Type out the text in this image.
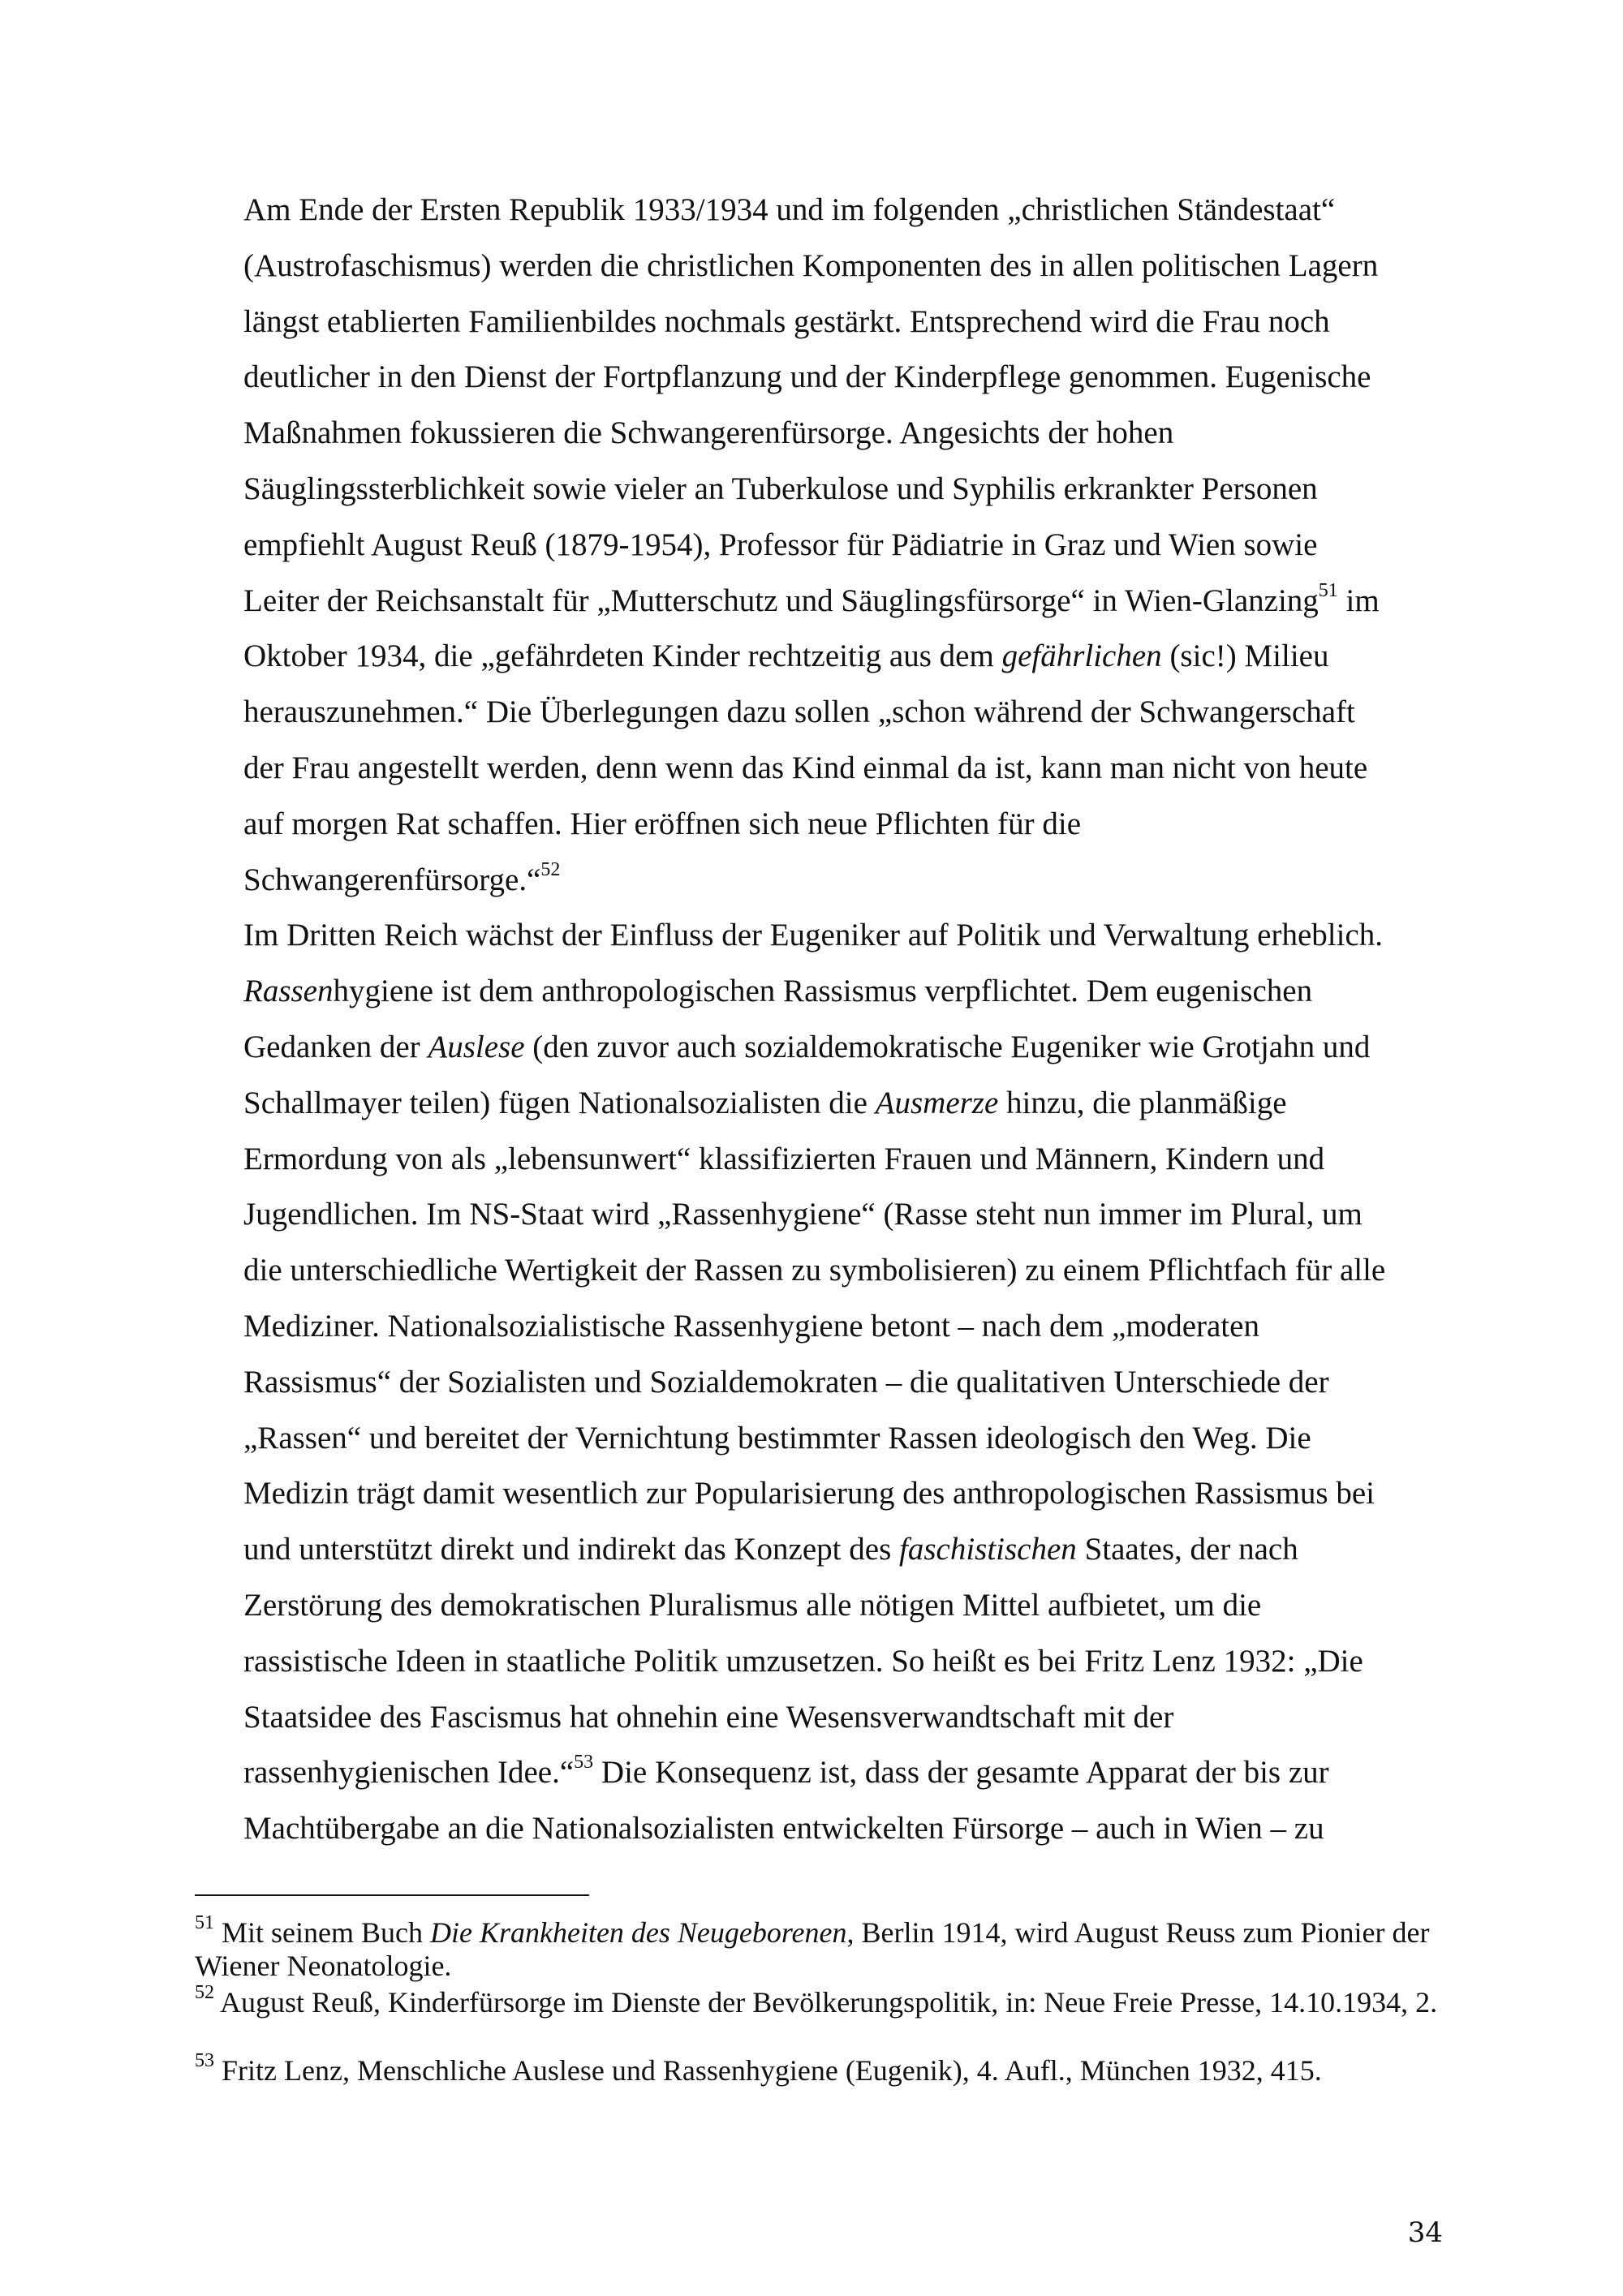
Am Ende der Ersten Republik 1933/1934 und im folgenden „christlichen Ständestaat“
(Austrofaschismus) werden die christlichen Komponenten des in allen politischen Lagern
längst etablierten Familienbildes nochmals gestärkt. Entsprechend wird die Frau noch
deutlicher in den Dienst der Fortpflanzung und der Kinderpflege genommen. Eugenische
Maßnahmen fokussieren die Schwangerenfürsorge. Angesichts der hohen
Säuglingssterblichkeit sowie vieler an Tuberkulose und Syphilis erkrankter Personen
empfiehlt August Reuß (1879-1954), Professor für Pädiatrie in Graz und Wien sowie
Leiter der Reichsanstalt für „Mutterschutz und Säuglingsfürsorge“ in Wien-Glanzing$^{51}$ im
Oktober 1934, die „gefährdeten Kinder rechtzeitig aus dem gefährlichen (sic!) Milieu
herauszunehmen.“ Die Überlegungen dazu sollen „schon während der Schwangerschaft
der Frau angestellt werden, denn wenn das Kind einmal da ist, kann man nicht von heute
auf morgen Rat schaffen. Hier eröffnen sich neue Pflichten für die
Schwangerenfürsorge.“$^{52}$
Im Dritten Reich wächst der Einfluss der Eugeniker auf Politik und Verwaltung erheblich.
Rassenhygiene ist dem anthropologischen Rassismus verpflichtet. Dem eugenischen
Gedanken der Auslese (den zuvor auch sozialdemokratische Eugeniker wie Grotjahn und
Schallmayer teilen) fügen Nationalsozialisten die Ausmerze hinzu, die planmäßige
Ermordung von als „lebensunwert“ klassifizierten Frauen und Männern, Kindern und
Jugendlichen. Im NS-Staat wird „Rassenhygiene“ (Rasse steht nun immer im Plural, um
die unterschiedliche Wertigkeit der Rassen zu symbolisieren) zu einem Pflichtfach für alle
Mediziner. Nationalsozialistische Rassenhygiene betont – nach dem „moderaten
Rassismus“ der Sozialisten und Sozialdemokraten – die qualitativen Unterschiede der
„Rassen“ und bereitet der Vernichtung bestimmter Rassen ideologisch den Weg. Die
Medizin trägt damit wesentlich zur Popularisierung des anthropologischen Rassismus bei
und unterstützt direkt und indirekt das Konzept des faschistischen Staates, der nach
Zerstörung des demokratischen Pluralismus alle nötigen Mittel aufbietet, um die
rassistische Ideen in staatliche Politik umzusetzen. So heißt es bei Fritz Lenz 1932: „Die
Staatsidee des Fascismus hat ohnehin eine Wesensverwandtschaft mit der
rassenhygienischen Idee.“$^{53}$ Die Konsequenz ist, dass der gesamte Apparat der bis zur
Machtübergabe an die Nationalsozialisten entwickelten Fürsorge – auch in Wien – zu
$^{51}$ Mit seinem Buch Die Krankheiten des Neugeborenen, Berlin 1914, wird August Reuss zum Pionier der Wiener Neonatologie.
$^{52}$ August Reuß, Kinderfürsorge im Dienste der Bevölkerungspolitik, in: Neue Freie Presse, 14.10.1934, 2.
$^{53}$ Fritz Lenz, Menschliche Auslese und Rassenhygiene (Eugenik), 4. Aufl., München 1932, 415.
34
